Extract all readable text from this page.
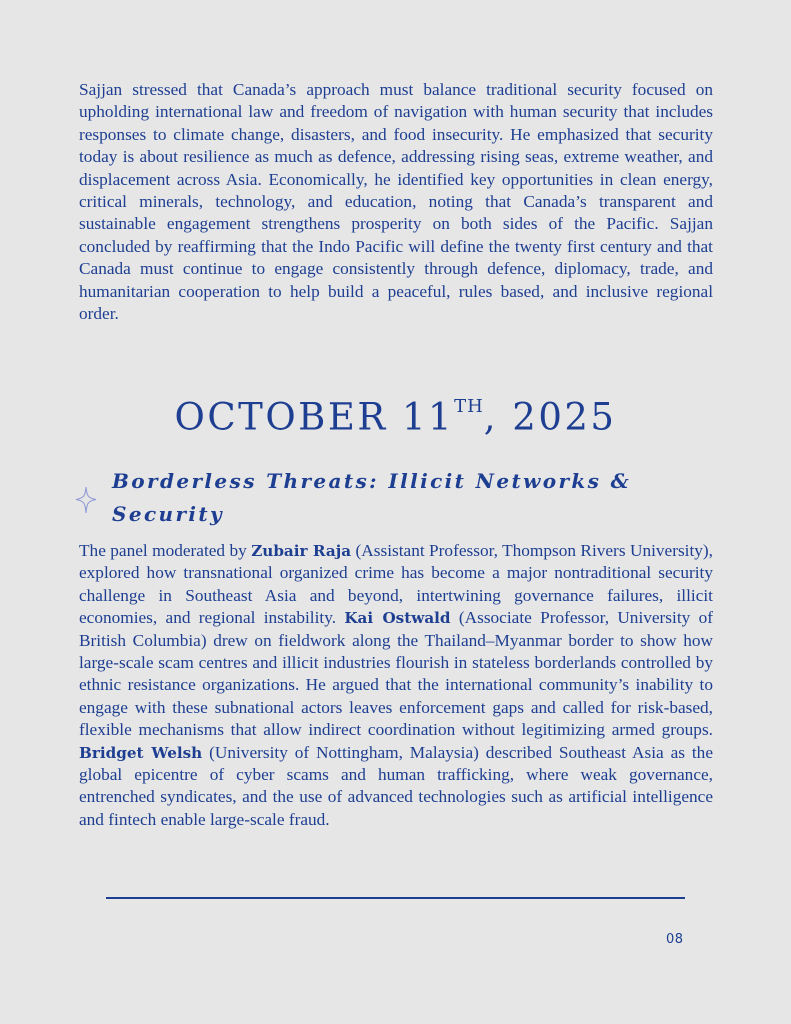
Sajjan stressed that Canada’s approach must balance traditional security focused on upholding international law and freedom of navigation with human security that includes responses to climate change, disasters, and food insecurity. He emphasized that security today is about resilience as much as defence, addressing rising seas, extreme weather, and displacement across Asia. Economically, he identified key opportunities in clean energy, critical minerals, technology, and education, noting that Canada’s transparent and sustainable engagement strengthens prosperity on both sides of the Pacific. Sajjan concluded by reaffirming that the Indo Pacific will define the twenty first century and that Canada must continue to engage consistently through defence, diplomacy, trade, and humanitarian cooperation to help build a peaceful, rules based, and inclusive regional order.

OCTOBER 11TH, 2025
Borderless Threats: Illicit Networks & Security

The panel moderated by Zubair Raja (Assistant Professor, Thompson Rivers University), explored how transnational organized crime has become a major nontraditional security challenge in Southeast Asia and beyond, intertwining governance failures, illicit economies, and regional instability. Kai Ostwald (Associate Professor, University of British Columbia) drew on fieldwork along the Thailand–Myanmar border to show how large-scale scam centres and illicit industries flourish in stateless borderlands controlled by ethnic resistance organizations. He argued that the international community’s inability to engage with these subnational actors leaves enforcement gaps and called for risk-based, flexible mechanisms that allow indirect coordination without legitimizing armed groups. Bridget Welsh (University of Nottingham, Malaysia) described Southeast Asia as the global epicentre of cyber scams and human trafficking, where weak governance, entrenched syndicates, and the use of advanced technologies such as artificial intelligence and fintech enable large-scale fraud.

08
